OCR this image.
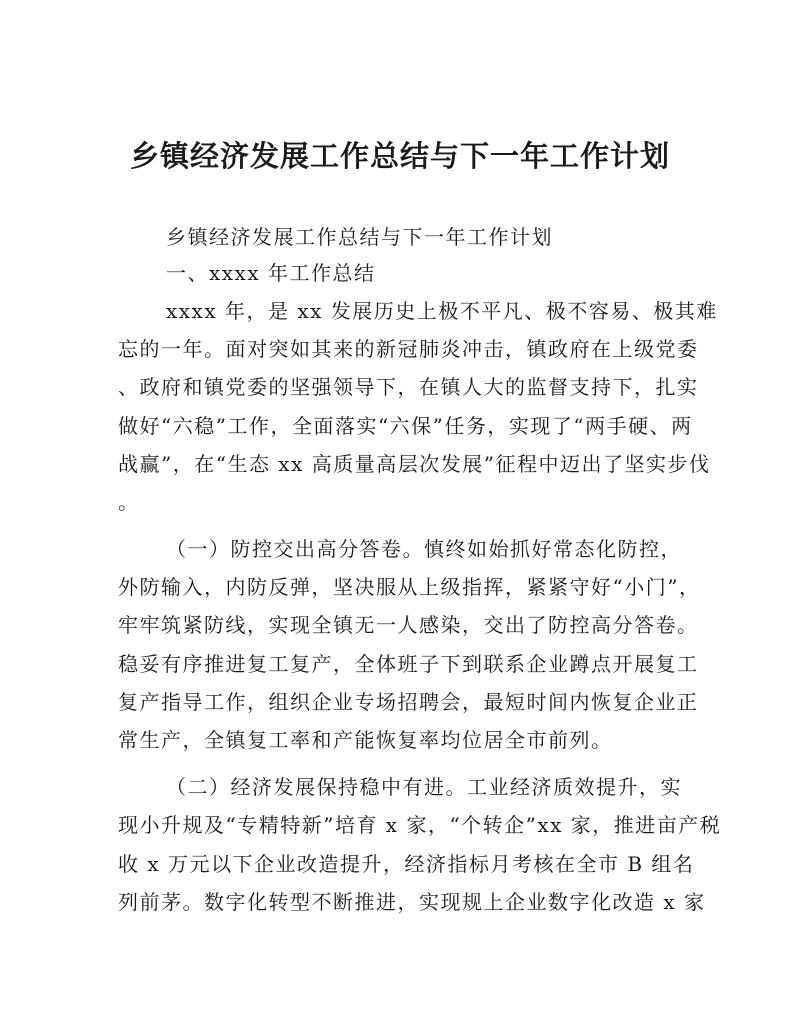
乡镇经济发展工作总结与下一年工作计划

乡镇经济发展工作总结与下一年工作计划

一、xxxx 年工作总结

xxxx 年，是 xx 发展历史上极不平凡、极不容易、极其难

忘的一年。面对突如其来的新冠肺炎冲击，镇政府在上级党委

、政府和镇党委的坚强领导下，在镇人大的监督支持下，扎实

做好“六稳”工作，全面落实“六保”任务，实现了“两手硬、两

战赢”，在“生态 xx 高质量高层次发展”征程中迈出了坚实步伐

。

（一）防控交出高分答卷。慎终如始抓好常态化防控，

外防输入，内防反弹，坚决服从上级指挥，紧紧守好“小门”，

牢牢筑紧防线，实现全镇无一人感染，交出了防控高分答卷。

稳妥有序推进复工复产，全体班子下到联系企业蹲点开展复工

复产指导工作，组织企业专场招聘会，最短时间内恢复企业正

常生产，全镇复工率和产能恢复率均位居全市前列。

（二）经济发展保持稳中有进。工业经济质效提升，实

现小升规及“专精特新”培育 x 家，“个转企”xx 家，推进亩产税

收 x 万元以下企业改造提升，经济指标月考核在全市 B 组名

列前茅。数字化转型不断推进，实现规上企业数字化改造 x 家
